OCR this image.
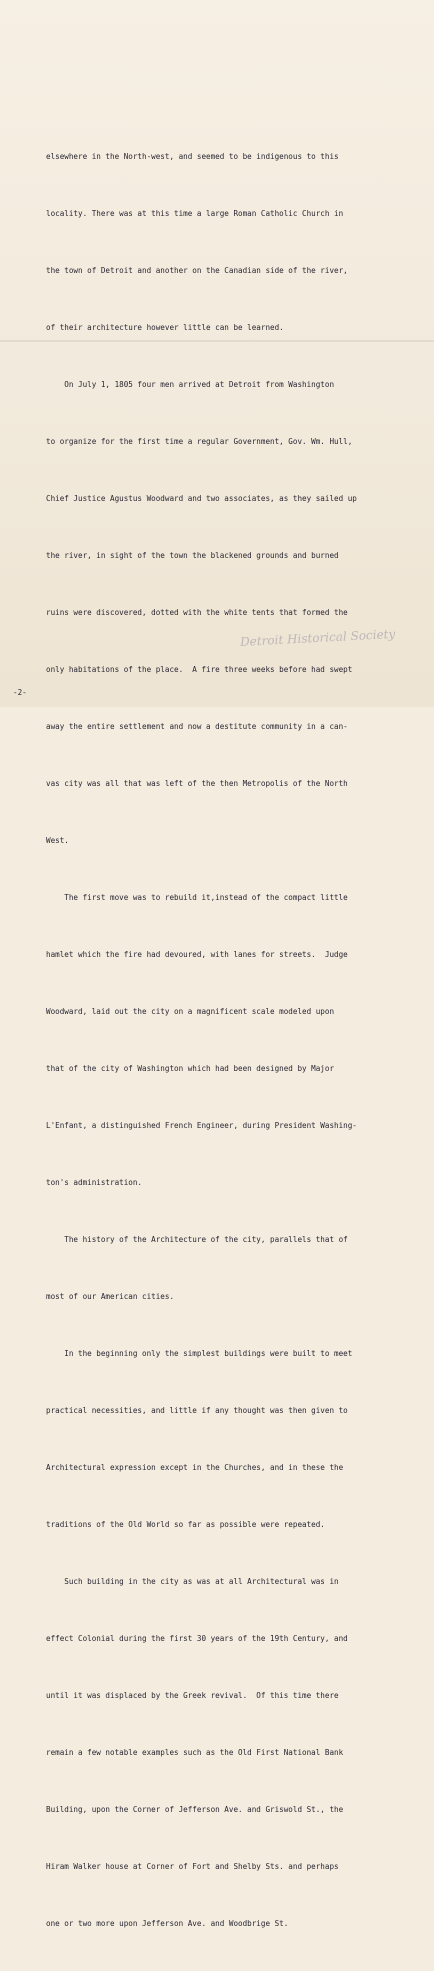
elsewhere in the North-west, and seemed to be indigenous to this

locality. There was at this time a large Roman Catholic Church in

the town of Detroit and another on the Canadian side of the river,

of their architecture however little can be learned.

On July 1, 1805 four men arrived at Detroit from Washington

to organize for the first time a regular Government, Gov. Wm. Hull,

Chief Justice Agustus Woodward and two associates, as they sailed up

the river, in sight of the town the blackened grounds and burned

ruins were discovered, dotted with the white tents that formed the

only habitations of the place.  A fire three weeks before had swept

away the entire settlement and now a destitute community in a can-

vas city was all that was left of the then Metropolis of the North

West.

The first move was to rebuild it,instead of the compact little

hamlet which the fire had devoured, with lanes for streets.  Judge

Woodward, laid out the city on a magnificent scale modeled upon

that of the city of Washington which had been designed by Major

L'Enfant, a distinguished French Engineer, during President Washing-

ton's administration.

The history of the Architecture of the city, parallels that of

most of our American cities.

In the beginning only the simplest buildings were built to meet

practical necessities, and little if any thought was then given to

Architectural expression except in the Churches, and in these the

traditions of the Old World so far as possible were repeated.

Such building in the city as was at all Architectural was in

effect Colonial during the first 30 years of the 19th Century, and

until it was displaced by the Greek revival.  Of this time there

remain a few notable examples such as the Old First National Bank

Building, upon the Corner of Jefferson Ave. and Griswold St., the

Hiram Walker house at Corner of Fort and Shelby Sts. and perhaps

one or two more upon Jefferson Ave. and Woodbrige St.

Detroit Historical Society
-2-
